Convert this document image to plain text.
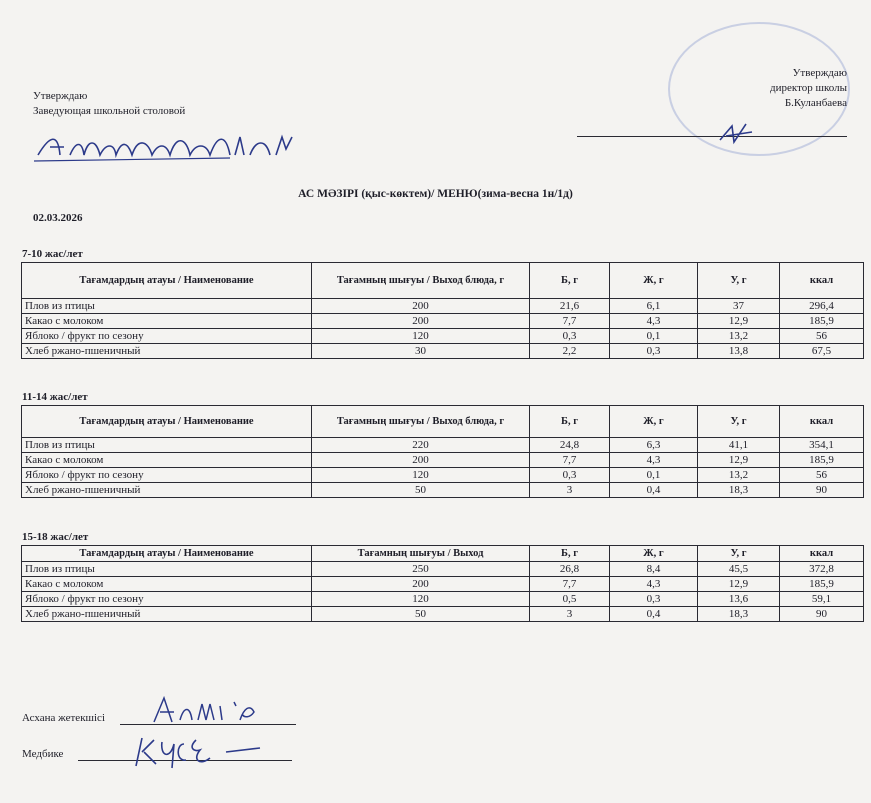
Утверждаю
Заведующая школьной столовой
Утверждаю
директор школы
Б.Куланбаева
АС МӘЗІРІ (қыс-көктем)/ МЕНЮ(зима-весна 1н/1д)
02.03.2026
7-10 жас/лет
Тағамдардың атауы / Наименование	Тағамның шығуы / Выход блюда, г	Б, г	Ж, г	У, г	ккал
Плов из птицы	200	21,6	6,1	37	296,4
Какао с молоком	200	7,7	4,3	12,9	185,9
Яблоко / фрукт по сезону	120	0,3	0,1	13,2	56
Хлеб ржано-пшеничный	30	2,2	0,3	13,8	67,5
11-14 жас/лет
Тағамдардың атауы / Наименование	Тағамның шығуы / Выход блюда, г	Б, г	Ж, г	У, г	ккал
Плов из птицы	220	24,8	6,3	41,1	354,1
Какао с молоком	200	7,7	4,3	12,9	185,9
Яблоко / фрукт по сезону	120	0,3	0,1	13,2	56
Хлеб ржано-пшеничный	50	3	0,4	18,3	90
15-18 жас/лет
Тағамдардың атауы / Наименование	Тағамның шығуы / Выход	Б, г	Ж, г	У, г	ккал
Плов из птицы	250	26,8	8,4	45,5	372,8
Какао с молоком	200	7,7	4,3	12,9	185,9
Яблоко / фрукт по сезону	120	0,5	0,3	13,6	59,1
Хлеб ржано-пшеничный	50	3	0,4	18,3	90
Асхана жетекшісі
Медбике
